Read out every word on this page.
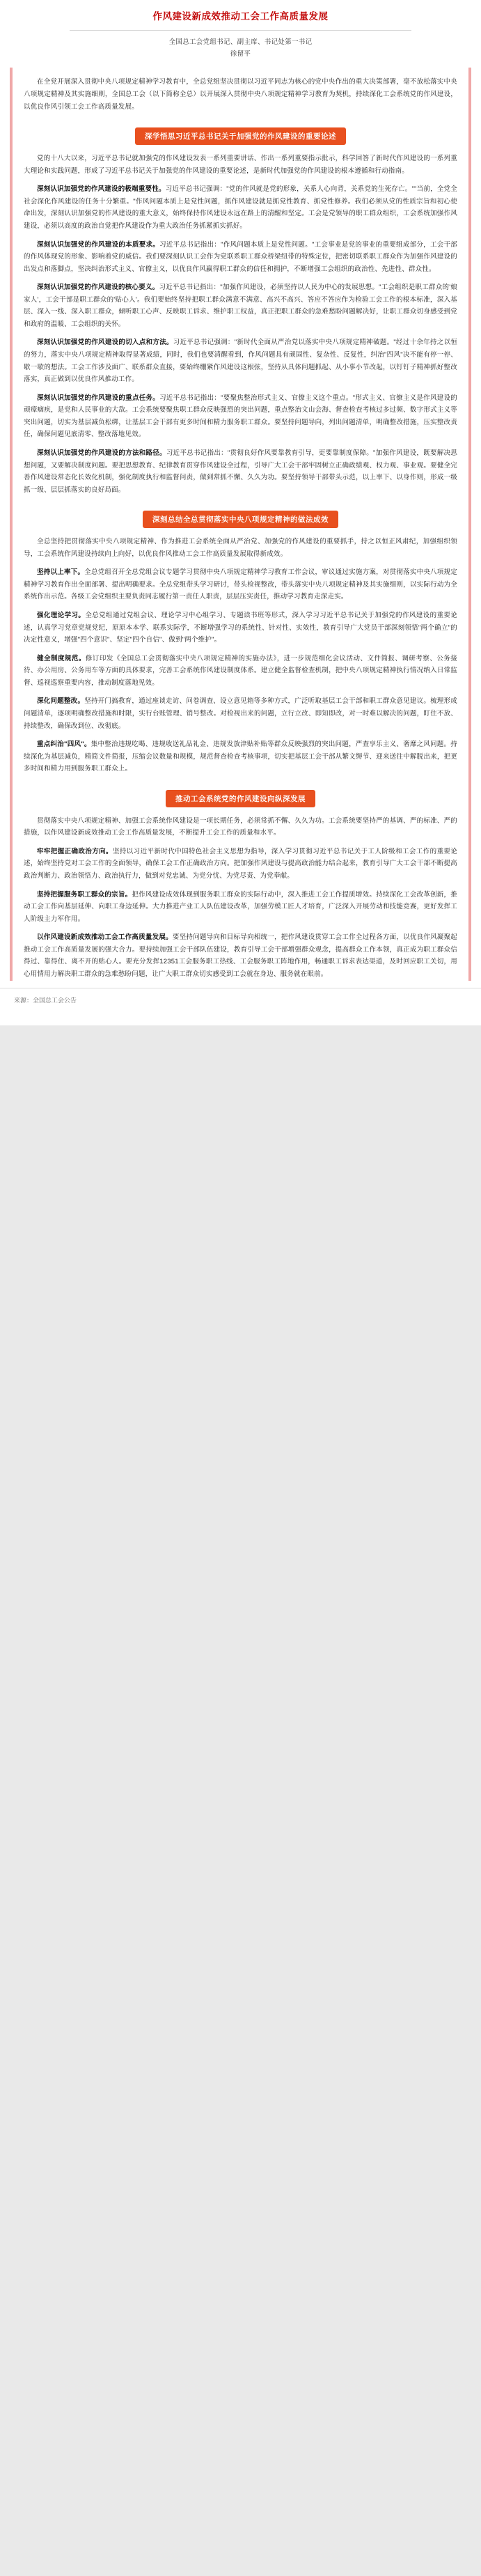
作风建设新成效推动工会工作高质量发展
全国总工会党组书记、副主席、书记处第一书记
徐留平

在全党开展深入贯彻中央八项规定精神学习教育中，全总党组坚决贯彻以习近平同志为核心的党中央作出的重大决策部署，毫不放松落实中央八项规定精神及其实施细则，全国总工会（以下简称全总）以开展深入贯彻中央八项规定精神学习教育为契机，持续深化工会系统党的作风建设，以优良作风引领工会工作高质量发展。

深学悟思习近平总书记关于加强党的作风建设的重要论述

党的十八大以来，习近平总书记就加强党的作风建设发表一系列重要讲话、作出一系列重要指示批示，科学回答了新时代作风建设的一系列重大理论和实践问题，形成了习近平总书记关于加强党的作风建设的重要论述，是新时代加强党的作风建设的根本遵循和行动指南。

深刻认识加强党的作风建设的极端重要性。习近平总书记强调："党的作风就是党的形象，关系人心向背，关系党的生死存亡。""当前，全党全社会深化作风建设的任务十分繁重。"作风问题本质上是党性问题，抓作风建设就是抓党性教育、抓党性修养。我们必须从党的性质宗旨和初心使命出发，深刻认识加强党的作风建设的重大意义，始终保持作风建设永远在路上的清醒和坚定。工会是党领导的职工群众组织，工会系统加强作风建设，必须以高度的政治自觉把作风建设作为重大政治任务抓紧抓实抓好。

深刻认识加强党的作风建设的本质要求。习近平总书记指出："作风问题本质上是党性问题。"工会事业是党的事业的重要组成部分，工会干部的作风体现党的形象、影响着党的威信。我们要深刻认识工会作为党联系职工群众桥梁纽带的特殊定位，把密切联系职工群众作为加强作风建设的出发点和落脚点，坚决纠治形式主义、官僚主义，以优良作风赢得职工群众的信任和拥护，不断增强工会组织的政治性、先进性、群众性。

深刻认识加强党的作风建设的核心要义。习近平总书记指出："加强作风建设，必须坚持以人民为中心的发展思想。"工会组织是职工群众的'娘家人'，工会干部是职工群众的'贴心人'。我们要始终坚持把职工群众满意不满意、高兴不高兴、答应不答应作为检验工会工作的根本标准，深入基层、深入一线、深入职工群众，倾听职工心声、反映职工诉求、维护职工权益，真正把职工群众的急难愁盼问题解决好，让职工群众切身感受到党和政府的温暖、工会组织的关怀。

深刻认识加强党的作风建设的切入点和方法。习近平总书记强调："新时代全面从严治党以落实中央八项规定精神破题。"经过十余年持之以恒的努力，落实中央八项规定精神取得显著成绩，同时，我们也要清醒看到，作风问题具有顽固性、复杂性、反复性，纠治"四风"决不能有停一停、歇一歇的想法。工会工作涉及面广、联系群众直接，要始终绷紧作风建设这根弦，坚持从具体问题抓起、从小事小节改起，以钉钉子精神抓好整改落实，真正做到以优良作风推动工作。

深刻认识加强党的作风建设的重点任务。习近平总书记指出："要聚焦整治形式主义、官僚主义这个重点。"形式主义、官僚主义是作风建设的顽瘴痼疾，是党和人民事业的大敌。工会系统要聚焦职工群众反映强烈的突出问题，重点整治文山会海、督查检查考核过多过频、数字形式主义等突出问题，切实为基层减负松绑，让基层工会干部有更多时间和精力服务职工群众。要坚持问题导向，列出问题清单，明确整改措施，压实整改责任，确保问题见底清零、整改落地见效。

深刻认识加强党的作风建设的方法和路径。习近平总书记指出："贯彻良好作风要靠教育引导，更要靠制度保障。"加强作风建设，既要解决思想问题，又要解决制度问题。要把思想教育、纪律教育贯穿作风建设全过程，引导广大工会干部牢固树立正确政绩观、权力观、事业观。要健全完善作风建设常态化长效化机制，强化制度执行和监督问责，做到常抓不懈、久久为功。要坚持领导干部带头示范，以上率下、以身作则，形成一级抓一级、层层抓落实的良好局面。

深刻总结全总贯彻落实中央八项规定精神的做法成效

全总坚持把贯彻落实中央八项规定精神、作为推进工会系统全面从严治党、加强党的作风建设的重要抓手，持之以恒正风肃纪，加强组织领导，工会系统作风建设持续向上向好，以优良作风推动工会工作高质量发展取得新成效。

坚持以上率下。全总党组召开全总党组会议专题学习贯彻中央八项规定精神学习教育工作会议，审议通过实施方案，对贯彻落实中央八项规定精神学习教育作出全面部署、提出明确要求。全总党组带头学习研讨，带头检视整改，带头落实中央八项规定精神及其实施细则，以实际行动为全系统作出示范。各级工会党组织主要负责同志履行第一责任人职责，层层压实责任，推动学习教育走深走实。

强化理论学习。全总党组通过党组会议、理论学习中心组学习、专题读书班等形式，深入学习习近平总书记关于加强党的作风建设的重要论述，认真学习党章党规党纪，原原本本学、联系实际学，不断增强学习的系统性、针对性、实效性，教育引导广大党员干部深刻领悟"两个确立"的决定性意义，增强"四个意识"、坚定"四个自信"、做到"两个维护"。

健全制度规范。修订印发《全国总工会贯彻落实中央八项规定精神的实施办法》，进一步规范细化会议活动、文件简报、调研考察、公务接待、办公用房、公务用车等方面的具体要求，完善工会系统作风建设制度体系。建立健全监督检查机制，把中央八项规定精神执行情况纳入日常监督、巡视巡察重要内容，推动制度落地见效。

深化问题整改。坚持开门搞教育，通过座谈走访、问卷调查、设立意见箱等多种方式，广泛听取基层工会干部和职工群众意见建议。梳理形成问题清单，逐项明确整改措施和时限，实行台账管理、销号整改。对检视出来的问题，立行立改、即知即改，对一时难以解决的问题，盯住不放、持续整改，确保改到位、改彻底。

重点纠治"四风"。集中整治违规吃喝、违规收送礼品礼金、违规发放津贴补贴等群众反映强烈的突出问题，严查享乐主义、奢靡之风问题。持续深化为基层减负，精简文件简报，压缩会议数量和规模，规范督查检查考核事项，切实把基层工会干部从繁文缛节、迎来送往中解脱出来，把更多时间和精力用到服务职工群众上。

推动工会系统党的作风建设向纵深发展

贯彻落实中央八项规定精神、加强工会系统作风建设是一项长期任务，必须常抓不懈、久久为功。工会系统要坚持严的基调、严的标准、严的措施，以作风建设新成效推动工会工作高质量发展，不断提升工会工作的质量和水平。

牢牢把握正确政治方向。坚持以习近平新时代中国特色社会主义思想为指导，深入学习贯彻习近平总书记关于工人阶级和工会工作的重要论述，始终坚持党对工会工作的全面领导，确保工会工作正确政治方向。把加强作风建设与提高政治能力结合起来，教育引导广大工会干部不断提高政治判断力、政治领悟力、政治执行力，做到对党忠诚、为党分忧、为党尽责、为党奉献。

坚持把握服务职工群众的宗旨。把作风建设成效体现到服务职工群众的实际行动中，深入推进工会工作提质增效。持续深化工会改革创新，推动工会工作向基层延伸、向职工身边延伸。大力推进产业工人队伍建设改革，加强劳模工匠人才培育，广泛深入开展劳动和技能竞赛，更好发挥工人阶级主力军作用。

以作风建设新成效推动工会工作高质量发展。要坚持问题导向和目标导向相统一，把作风建设贯穿工会工作全过程各方面，以优良作风凝聚起推动工会工作高质量发展的强大合力。要持续加强工会干部队伍建设，教育引导工会干部增强群众观念，提高群众工作本领，真正成为职工群众信得过、靠得住、离不开的贴心人。要充分发挥12351工会服务职工热线、工会服务职工阵地作用，畅通职工诉求表达渠道，及时回应职工关切，用心用情用力解决职工群众的急难愁盼问题，让广大职工群众切实感受到工会就在身边、服务就在眼前。

来源：全国总工会公告
